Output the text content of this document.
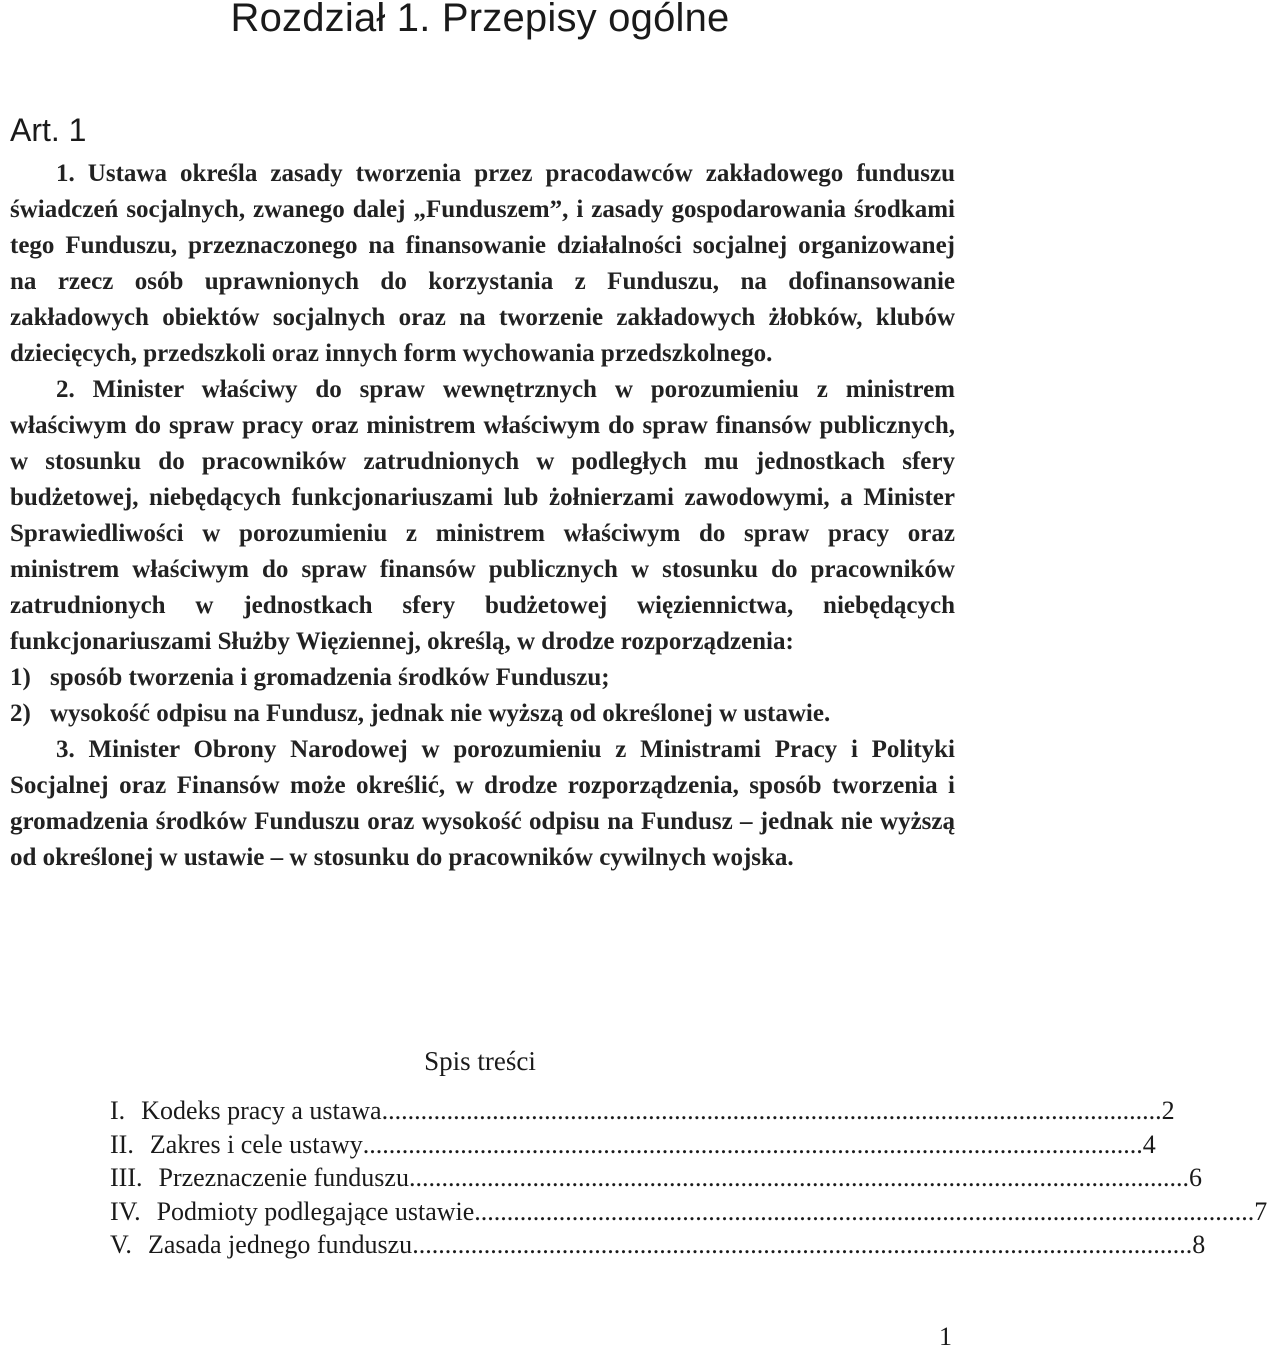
Rozdział 1. Przepisy ogólne
Art. 1

1. Ustawa określa zasady tworzenia przez pracodawców zakładowego funduszu świadczeń socjalnych, zwanego dalej „Funduszem”, i zasady gospodarowania środkami tego Funduszu, przeznaczonego na finansowanie działalności socjalnej organizowanej na rzecz osób uprawnionych do korzystania z Funduszu, na dofinansowanie zakładowych obiektów socjalnych oraz na tworzenie zakładowych żłobków, klubów dziecięcych, przedszkoli oraz innych form wychowania przedszkolnego.

2. Minister właściwy do spraw wewnętrznych w porozumieniu z ministrem właściwym do spraw pracy oraz ministrem właściwym do spraw finansów publicznych, w stosunku do pracowników zatrudnionych w podległych mu jednostkach sfery budżetowej, niebędących funkcjonariuszami lub żołnierzami zawodowymi, a Minister Sprawiedliwości w porozumieniu z ministrem właściwym do spraw pracy oraz ministrem właściwym do spraw finansów publicznych w stosunku do pracowników zatrudnionych w jednostkach sfery budżetowej więziennictwa, niebędących funkcjonariuszami Służby Więziennej, określą, w drodze rozporządzenia:

1) sposób tworzenia i gromadzenia środków Funduszu;
2) wysokość odpisu na Fundusz, jednak nie wyższą od określonej w ustawie.

3. Minister Obrony Narodowej w porozumieniu z Ministrami Pracy i Polityki Socjalnej oraz Finansów może określić, w drodze rozporządzenia, sposób tworzenia i gromadzenia środków Funduszu oraz wysokość odpisu na Fundusz – jednak nie wyższą od określonej w ustawie – w stosunku do pracowników cywilnych wojska.

Spis treści
I. Kodeks pracy a ustawa ........................................................................................................................ 2
II. Zakres i cele ustawy ........................................................................................................................ 4
III. Przeznaczenie funduszu ........................................................................................................................ 6
IV. Podmioty podlegające ustawie ........................................................................................................................ 7
V. Zasada jednego funduszu ........................................................................................................................ 8
1
